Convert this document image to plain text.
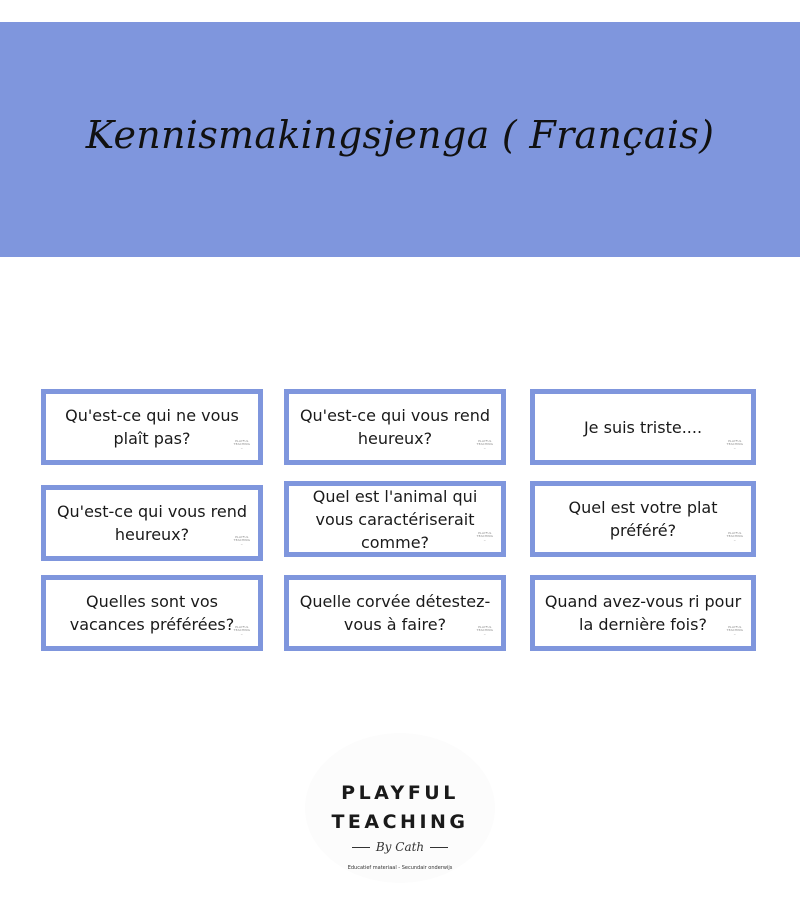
Kennismakingsjenga ( Français)
Qu'est-ce qui ne vous plaît pas?	PLAYFUL
TEACHING
~
Qu'est-ce qui vous rend heureux?	PLAYFUL
TEACHING
~
Je suis triste....
PLAYFUL
TEACHING
~
Qu'est-ce qui vous rend heureux?	PLAYFUL
TEACHING
~
Quel est l'animal qui vous caractériserait comme?	PLAYFUL
TEACHING
~
Quel est votre plat préféré?	PLAYFUL
TEACHING
~
Quelles sont vos vacances préférées? PLAYFUL
TEACHING
~
Quelle corvée détestez-vous à faire?	PLAYFUL
TEACHING
~
Quand avez-vous ri pour la dernière fois?	PLAYFUL
TEACHING
~
PLAYFUL
TEACHING
By Cath
Educatief materiaal - Secundair onderwijs
